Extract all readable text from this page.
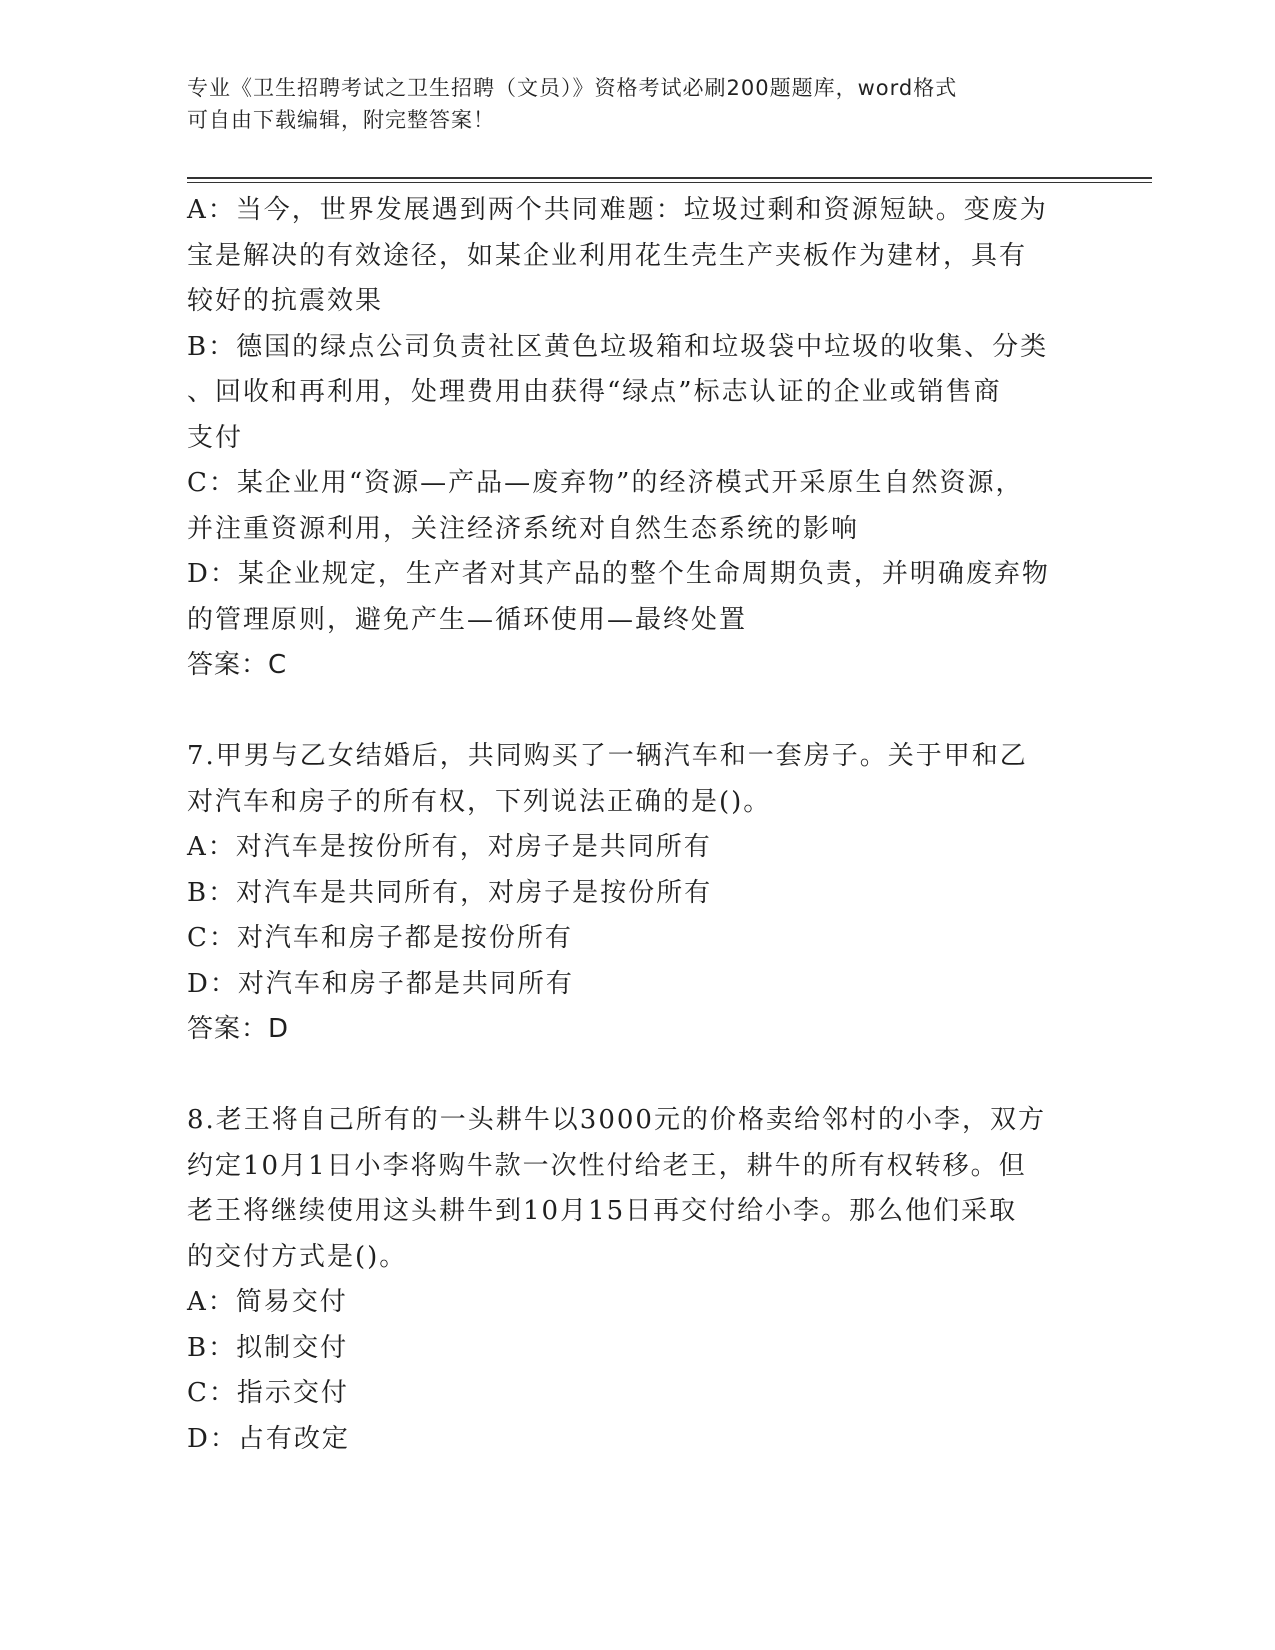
专业《卫生招聘考试之卫生招聘（文员）》资格考试必刷200题题库，word格式
可自由下载编辑，附完整答案！
A：当今，世界发展遇到两个共同难题：垃圾过剩和资源短缺。变废为
宝是解决的有效途径，如某企业利用花生壳生产夹板作为建材，具有
较好的抗震效果
B：德国的绿点公司负责社区黄色垃圾箱和垃圾袋中垃圾的收集、分类
、回收和再利用，处理费用由获得“绿点”标志认证的企业或销售商
支付
C：某企业用“资源—产品—废弃物”的经济模式开采原生自然资源，
并注重资源利用，关注经济系统对自然生态系统的影响
D：某企业规定，生产者对其产品的整个生命周期负责，并明确废弃物
的管理原则，避免产生—循环使用—最终处置
答案：C
7.甲男与乙女结婚后，共同购买了一辆汽车和一套房子。关于甲和乙
对汽车和房子的所有权，下列说法正确的是()。
A：对汽车是按份所有，对房子是共同所有
B：对汽车是共同所有，对房子是按份所有
C：对汽车和房子都是按份所有
D：对汽车和房子都是共同所有
答案：D
8.老王将自己所有的一头耕牛以3000元的价格卖给邻村的小李，双方
约定10月1日小李将购牛款一次性付给老王，耕牛的所有权转移。但
老王将继续使用这头耕牛到10月15日再交付给小李。那么他们采取
的交付方式是()。
A：简易交付
B：拟制交付
C：指示交付
D：占有改定
